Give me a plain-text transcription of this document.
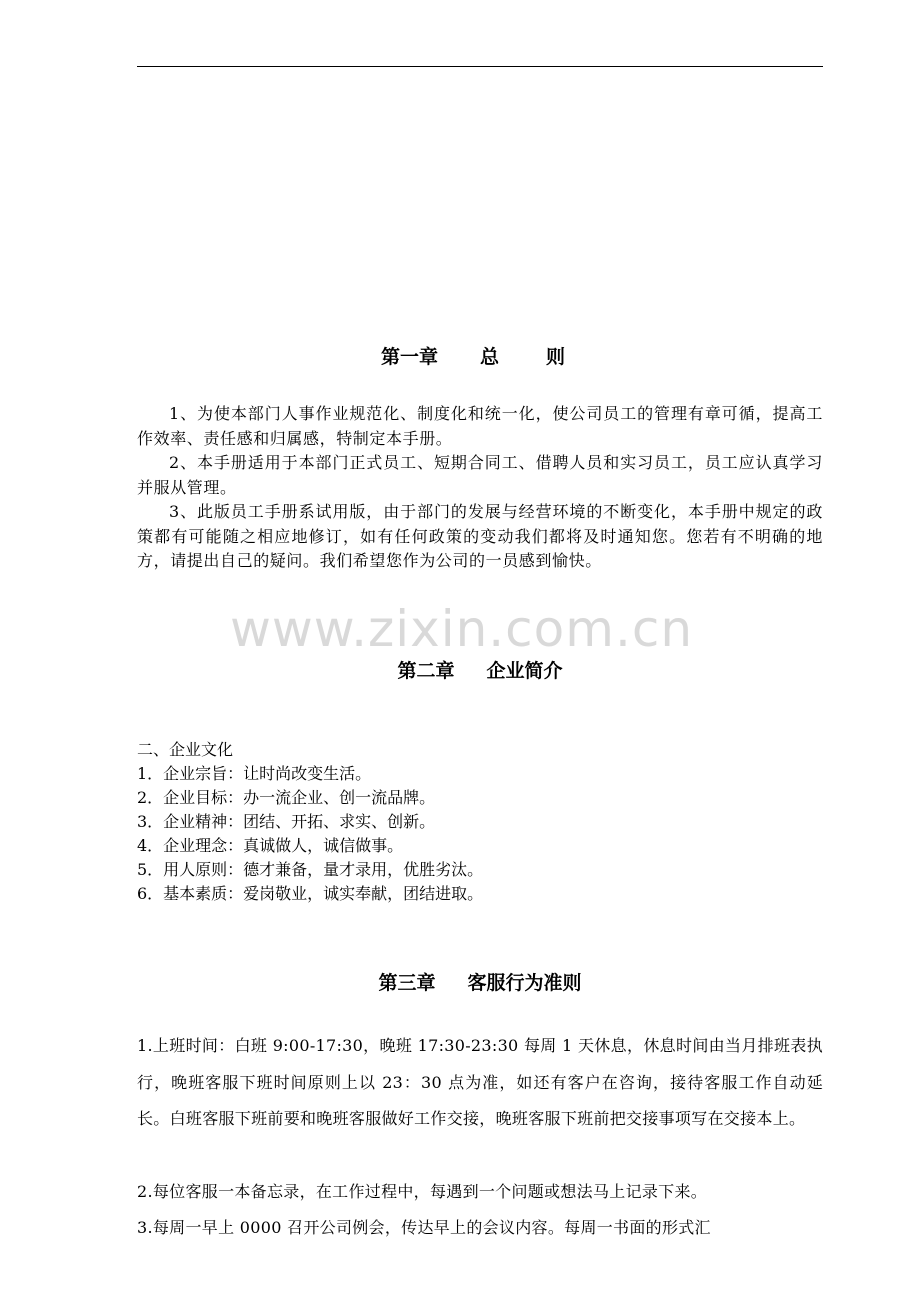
第一章 总　则
1、为使本部门人事作业规范化、制度化和统一化，使公司员工的管理有章可循，提高工作效率、责任感和归属感，特制定本手册。
2、本手册适用于本部门正式员工、短期合同工、借聘人员和实习员工，员工应认真学习并服从管理。
3、此版员工手册系试用版，由于部门的发展与经营环境的不断变化，本手册中规定的政策都有可能随之相应地修订，如有任何政策的变动我们都将及时通知您。您若有不明确的地方，请提出自己的疑问。我们希望您作为公司的一员感到愉快。
www.zixin.com.cn
第二章 企业简介
二、企业文化
1．企业宗旨：让时尚改变生活。
2．企业目标：办一流企业、创一流品牌。
3．企业精神：团结、开拓、求实、创新。
4．企业理念：真诚做人，诚信做事。
5．用人原则：德才兼备，量才录用，优胜劣汰。
6．基本素质：爱岗敬业，诚实奉献，团结进取。
第三章 客服行为准则
1.上班时间：白班 9:00-17:30，晚班 17:30-23:30 每周 1 天休息，休息时间由当月排班表执行，晚班客服下班时间原则上以 23：30 点为准，如还有客户在咨询，接待客服工作自动延长。白班客服下班前要和晚班客服做好工作交接，晚班客服下班前把交接事项写在交接本上。
2.每位客服一本备忘录，在工作过程中，每遇到一个问题或想法马上记录下来。
3.每周一早上 0000 召开公司例会，传达早上的会议内容。每周一书面的形式汇
